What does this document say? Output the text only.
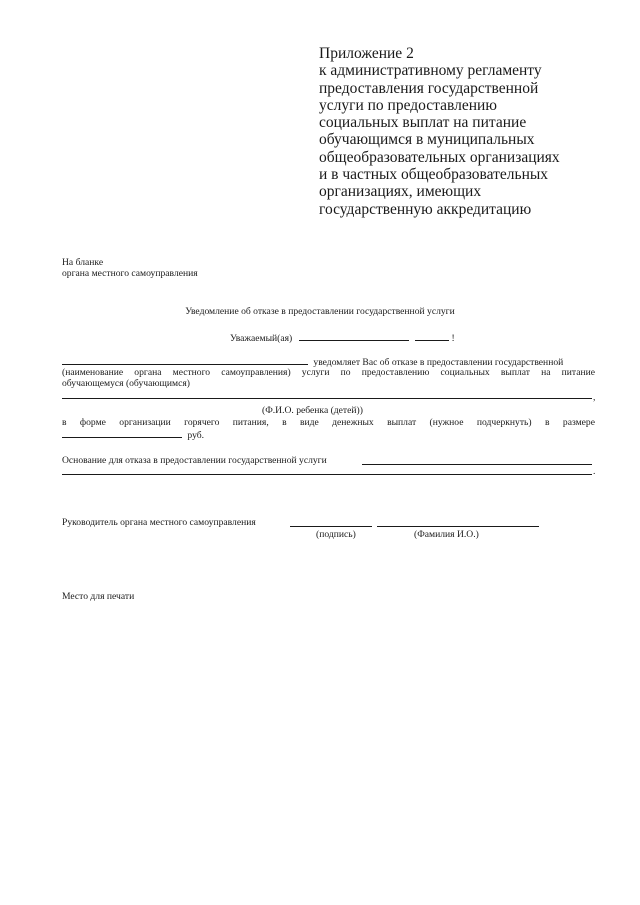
Приложение 2
к административному регламенту
предоставления государственной
услуги по предоставлению
социальных выплат на питание
обучающимся в муниципальных
общеобразовательных организациях
и в частных общеобразовательных
организациях, имеющих
государственную аккредитацию
На бланке
органа местного самоуправления
Уведомление об отказе в предоставлении государственной услуги
Уважаемый(ая)	!
уведомляет Вас об отказе в предоставлении государственной
(наименование органа местного самоуправления) услуги по предоставлению социальных выплат на питание
обучающемуся (обучающимся)
,
(Ф.И.О. ребенка (детей))
в форме организации горячего питания, в виде денежных выплат (нужное подчеркнуть) в размере
руб.
Основание для отказа в предоставлении государственной услуги
.
Руководитель органа местного самоуправления
(подпись)	(Фамилия И.О.)
Место для печати
